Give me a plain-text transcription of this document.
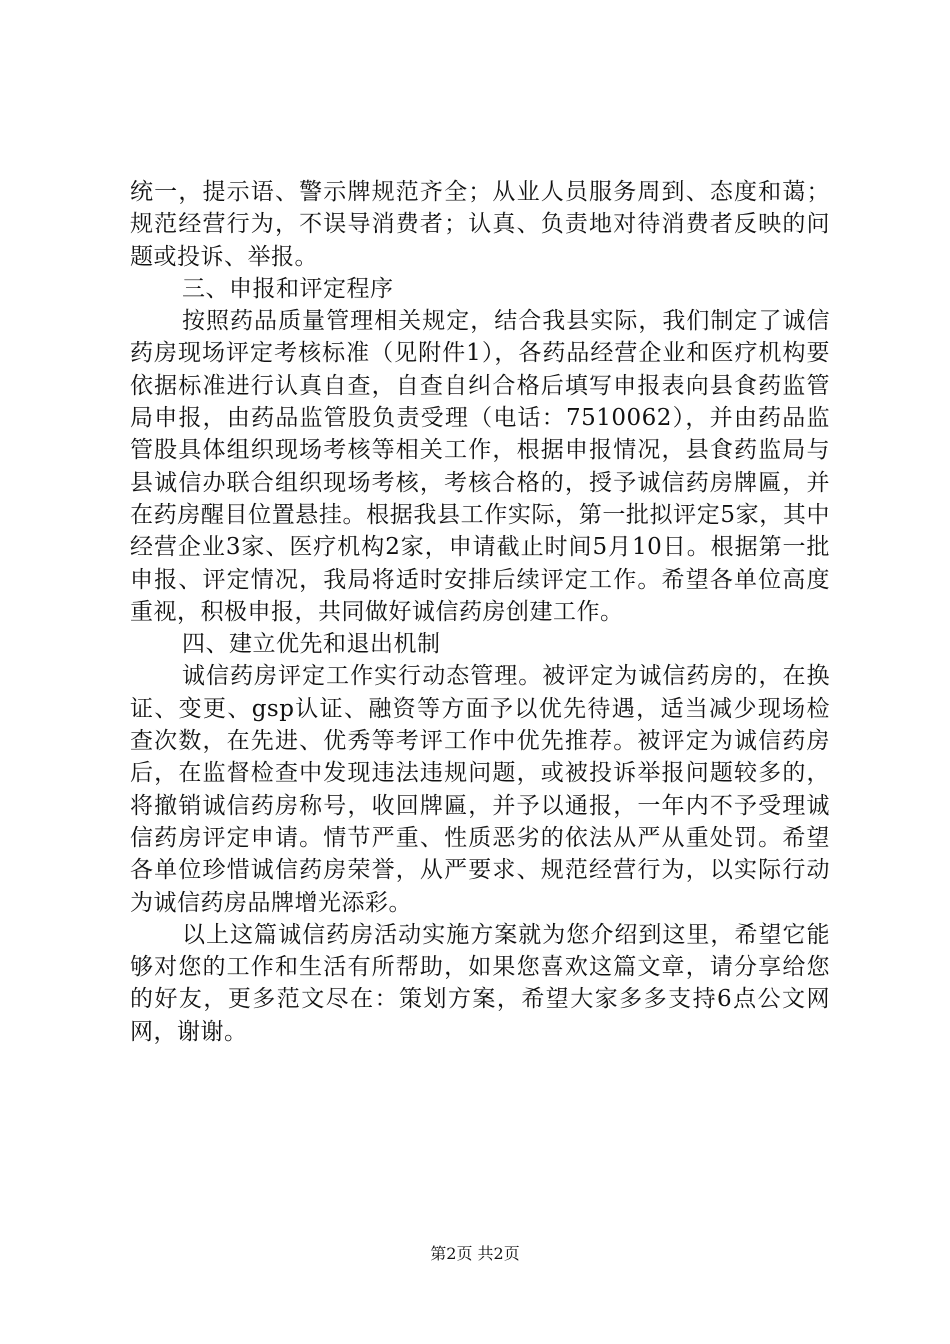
统一，提示语、警示牌规范齐全；从业人员服务周到、态度和蔼；规范经营行为，不误导消费者；认真、负责地对待消费者反映的问题或投诉、举报。

三、申报和评定程序

按照药品质量管理相关规定，结合我县实际，我们制定了诚信药房现场评定考核标准（见附件1），各药品经营企业和医疗机构要依据标准进行认真自查，自查自纠合格后填写申报表向县食药监管局申报，由药品监管股负责受理（电话：7510062），并由药品监管股具体组织现场考核等相关工作，根据申报情况，县食药监局与县诚信办联合组织现场考核，考核合格的，授予诚信药房牌匾，并在药房醒目位置悬挂。根据我县工作实际，第一批拟评定5家，其中经营企业3家、医疗机构2家，申请截止时间5月10日。根据第一批申报、评定情况，我局将适时安排后续评定工作。希望各单位高度重视，积极申报，共同做好诚信药房创建工作。

四、建立优先和退出机制

诚信药房评定工作实行动态管理。被评定为诚信药房的，在换证、变更、gsp认证、融资等方面予以优先待遇，适当减少现场检查次数，在先进、优秀等考评工作中优先推荐。被评定为诚信药房后，在监督检查中发现违法违规问题，或被投诉举报问题较多的，将撤销诚信药房称号，收回牌匾，并予以通报，一年内不予受理诚信药房评定申请。情节严重、性质恶劣的依法从严从重处罚。希望各单位珍惜诚信药房荣誉，从严要求、规范经营行为，以实际行动为诚信药房品牌增光添彩。

以上这篇诚信药房活动实施方案就为您介绍到这里，希望它能够对您的工作和生活有所帮助，如果您喜欢这篇文章，请分享给您的好友，更多范文尽在：策划方案，希望大家多多支持6点公文网网，谢谢。

第2页 共2页
